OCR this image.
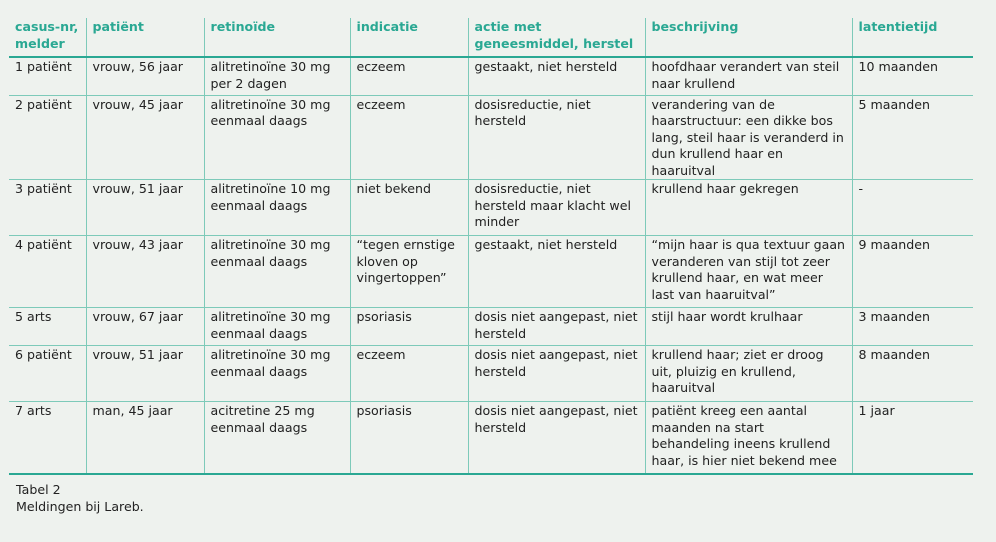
casus-nr, melder	patiënt	retinoïde	indicatie	actie met geneesmiddel, herstel	beschrijving	latentietijd
1 patiënt	vrouw, 56 jaar	alitretinoïne 30 mg per 2 dagen	eczeem	gestaakt, niet hersteld	hoofdhaar verandert van steil naar krullend	10 maanden
2 patiënt	vrouw, 45 jaar	alitretinoïne 30 mg eenmaal daags	eczeem	dosisreductie, niet hersteld	verandering van de haarstructuur: een dikke bos lang, steil haar is veranderd in dun krullend haar en haaruitval	5 maanden
3 patiënt	vrouw, 51 jaar	alitretinoïne 10 mg eenmaal daags	niet bekend	dosisreductie, niet hersteld maar klacht wel minder	krullend haar gekregen	-
4 patiënt	vrouw, 43 jaar	alitretinoïne 30 mg eenmaal daags	“tegen ernstige kloven op vingertoppen”	gestaakt, niet hersteld	“mijn haar is qua textuur gaan veranderen van stijl tot zeer krullend haar, en wat meer last van haaruitval”	9 maanden
5 arts	vrouw, 67 jaar	alitretinoïne 30 mg eenmaal daags	psoriasis	dosis niet aangepast, niet hersteld	stijl haar wordt krulhaar	3 maanden
6 patiënt	vrouw, 51 jaar	alitretinoïne 30 mg eenmaal daags	eczeem	dosis niet aangepast, niet hersteld	krullend haar; ziet er droog uit, pluizig en krullend, haaruitval	8 maanden
7 arts	man, 45 jaar	acitretine 25 mg eenmaal daags	psoriasis	dosis niet aangepast, niet hersteld	patiënt kreeg een aantal maanden na start behandeling ineens krullend haar, is hier niet bekend mee	1 jaar
Tabel 2
Meldingen bij Lareb.
